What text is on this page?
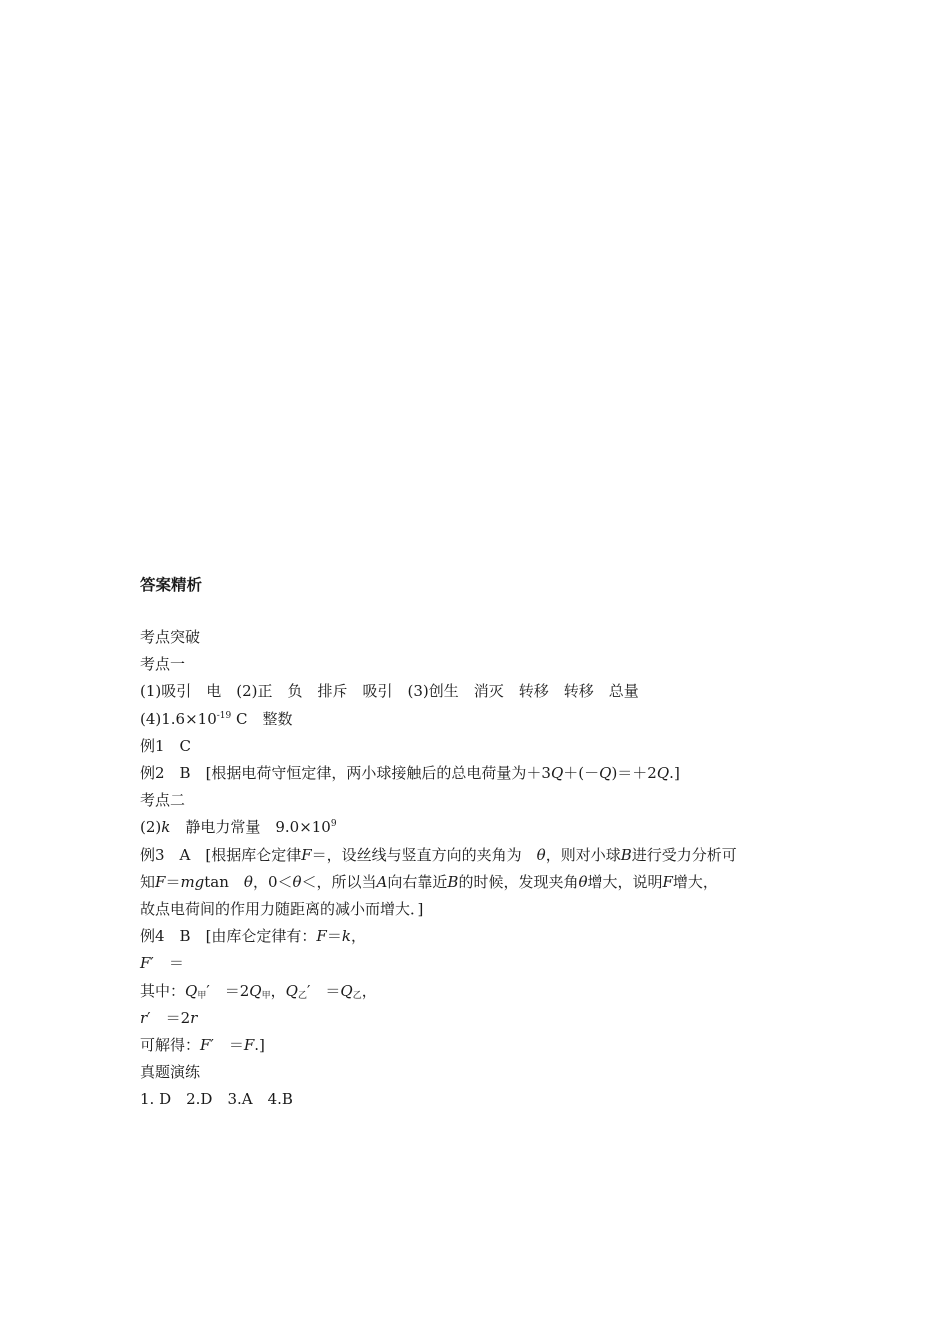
答案精析

考点突破

考点一

(1)吸引　电　(2)正　负　排斥　吸引　(3)创生　消灭　转移　转移　总量

$(4)1.6\times 10^{-19}$ C　整数

例1　C

例2　B　[根据电荷守恒定律，两小球接触后的总电荷量为＋3Q＋(－Q)＝＋2Q.]

考点二

(2)k　静电力常量　$9.0\times 10^9$

例3　A　[根据库仑定律F＝，设丝线与竖直方向的夹角为　θ，则对小球B进行受力分析可

知F＝mgtan　θ，0＜θ＜，所以当A向右靠近B的时候，发现夹角θ增大，说明F增大，

故点电荷间的作用力随距离的减小而增大．]

例4　B　[由库仑定律有：F＝k，

F′　＝

其中：$Q_甲'$　$=2Q_甲$，$Q_乙'$　$=Q_乙$，

r′　＝2r

可解得：F′　＝F.]

真题演练

1. D　2.D　3.A　4.B
